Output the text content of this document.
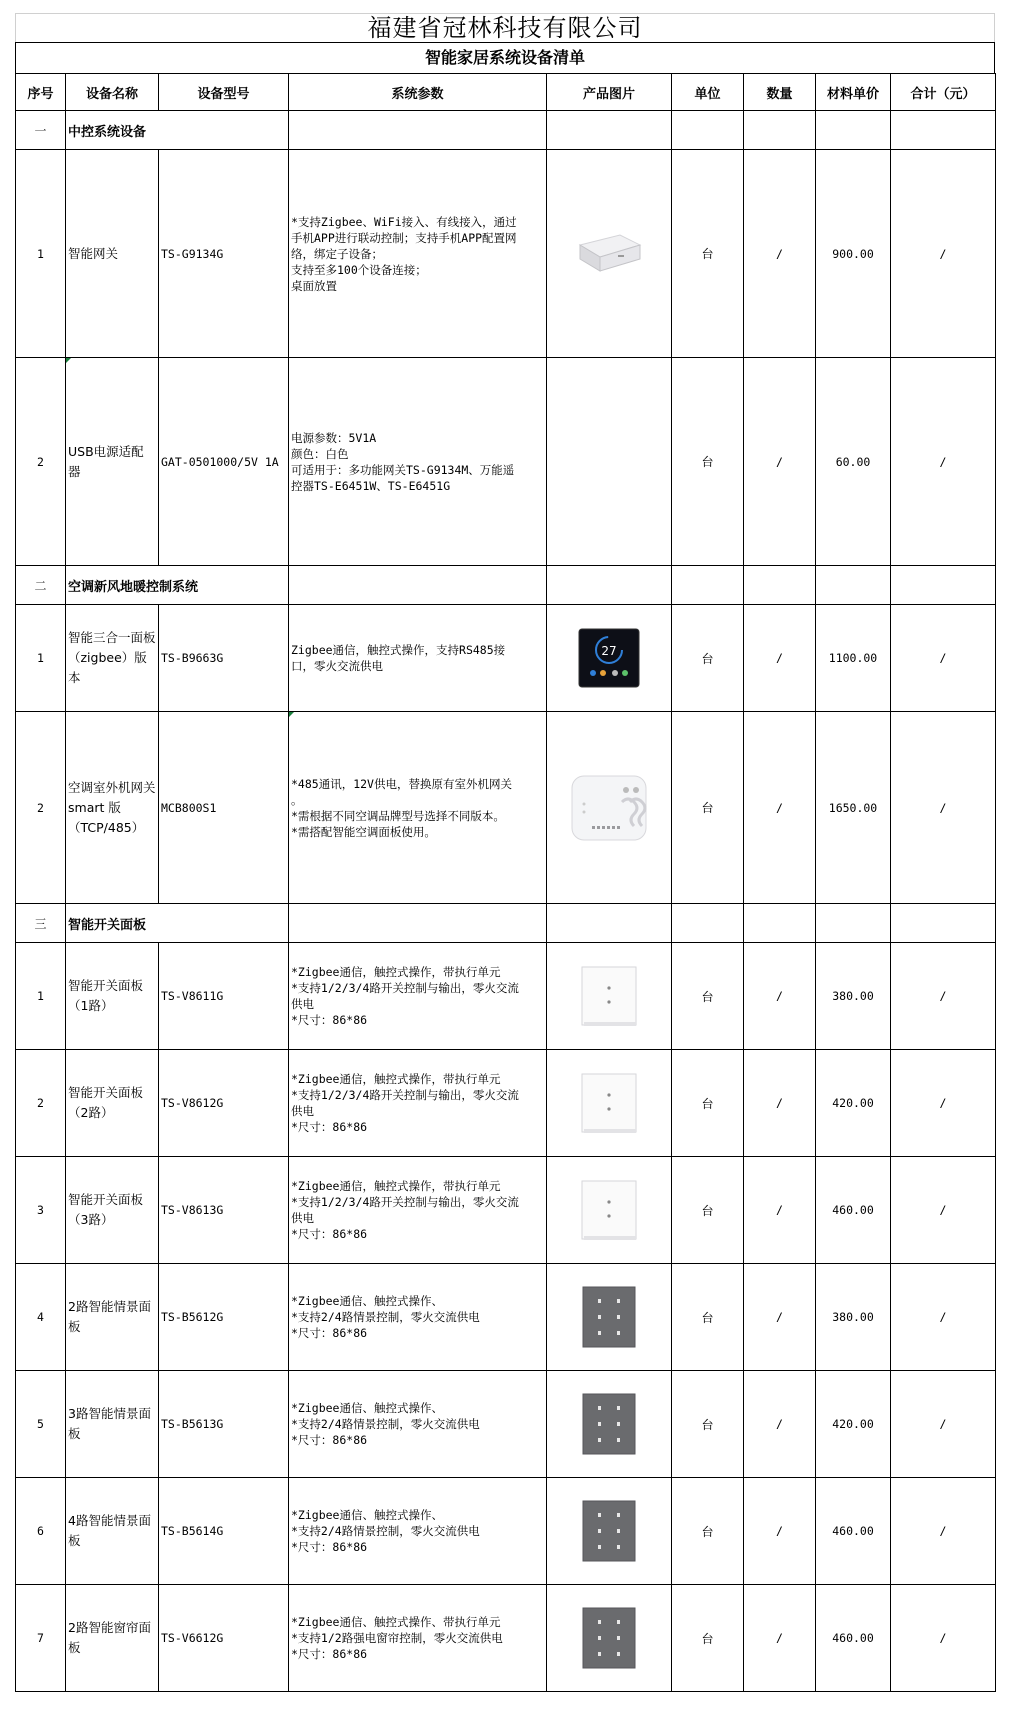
福建省冠林科技有限公司
智能家居系统设备清单
序号	设备名称	设备型号	系统参数	产品图片	单位	数量	材料单价	合计（元）
一	中控系统设备							
1	智能网关	TS-G9134G	*支持Zigbee、WiFi接入、有线接入，通过
手机APP进行联动控制；支持手机APP配置网
络，绑定子设备；
支持至多100个设备连接；
桌面放置		台	/	900.00	/
2	USB电源适配器	GAT-0501000/5V 1A	电源参数：5V1A
颜色：白色
可适用于：多功能网关TS-G9134M、万能遥
控器TS-E6451W、TS-E6451G		台	/	60.00	/
二	空调新风地暖控制系统							
1	智能三合一面板（zigbee）版本	TS-B9663G	Zigbee通信，触控式操作，支持RS485接
口，零火交流供电	27	台	/	1100.00	/
2	空调室外机网关smart 版（TCP/485）	MCB800S1	*485通讯，12V供电，替换原有室外机网关
。
*需根据不同空调品牌型号选择不同版本。
*需搭配智能空调面板使用。		台	/	1650.00	/
三	智能开关面板							
1	智能开关面板（1路）	TS-V8611G	*Zigbee通信，触控式操作，带执行单元
*支持1/2/3/4路开关控制与输出，零火交流
供电
*尺寸：86*86		台	/	380.00	/
2	智能开关面板（2路）	TS-V8612G	*Zigbee通信，触控式操作，带执行单元
*支持1/2/3/4路开关控制与输出，零火交流
供电
*尺寸：86*86		台	/	420.00	/
3	智能开关面板（3路）	TS-V8613G	*Zigbee通信，触控式操作，带执行单元
*支持1/2/3/4路开关控制与输出，零火交流
供电
*尺寸：86*86		台	/	460.00	/
4	2路智能情景面板	TS-B5612G	*Zigbee通信、触控式操作、
*支持2/4路情景控制，零火交流供电
*尺寸：86*86		台	/	380.00	/
5	3路智能情景面板	TS-B5613G	*Zigbee通信、触控式操作、
*支持2/4路情景控制，零火交流供电
*尺寸：86*86		台	/	420.00	/
6	4路智能情景面板	TS-B5614G	*Zigbee通信、触控式操作、
*支持2/4路情景控制，零火交流供电
*尺寸：86*86		台	/	460.00	/
7	2路智能窗帘面板	TS-V6612G	*Zigbee通信、触控式操作、带执行单元
*支持1/2路强电窗帘控制，零火交流供电
*尺寸：86*86		台	/	460.00	/
